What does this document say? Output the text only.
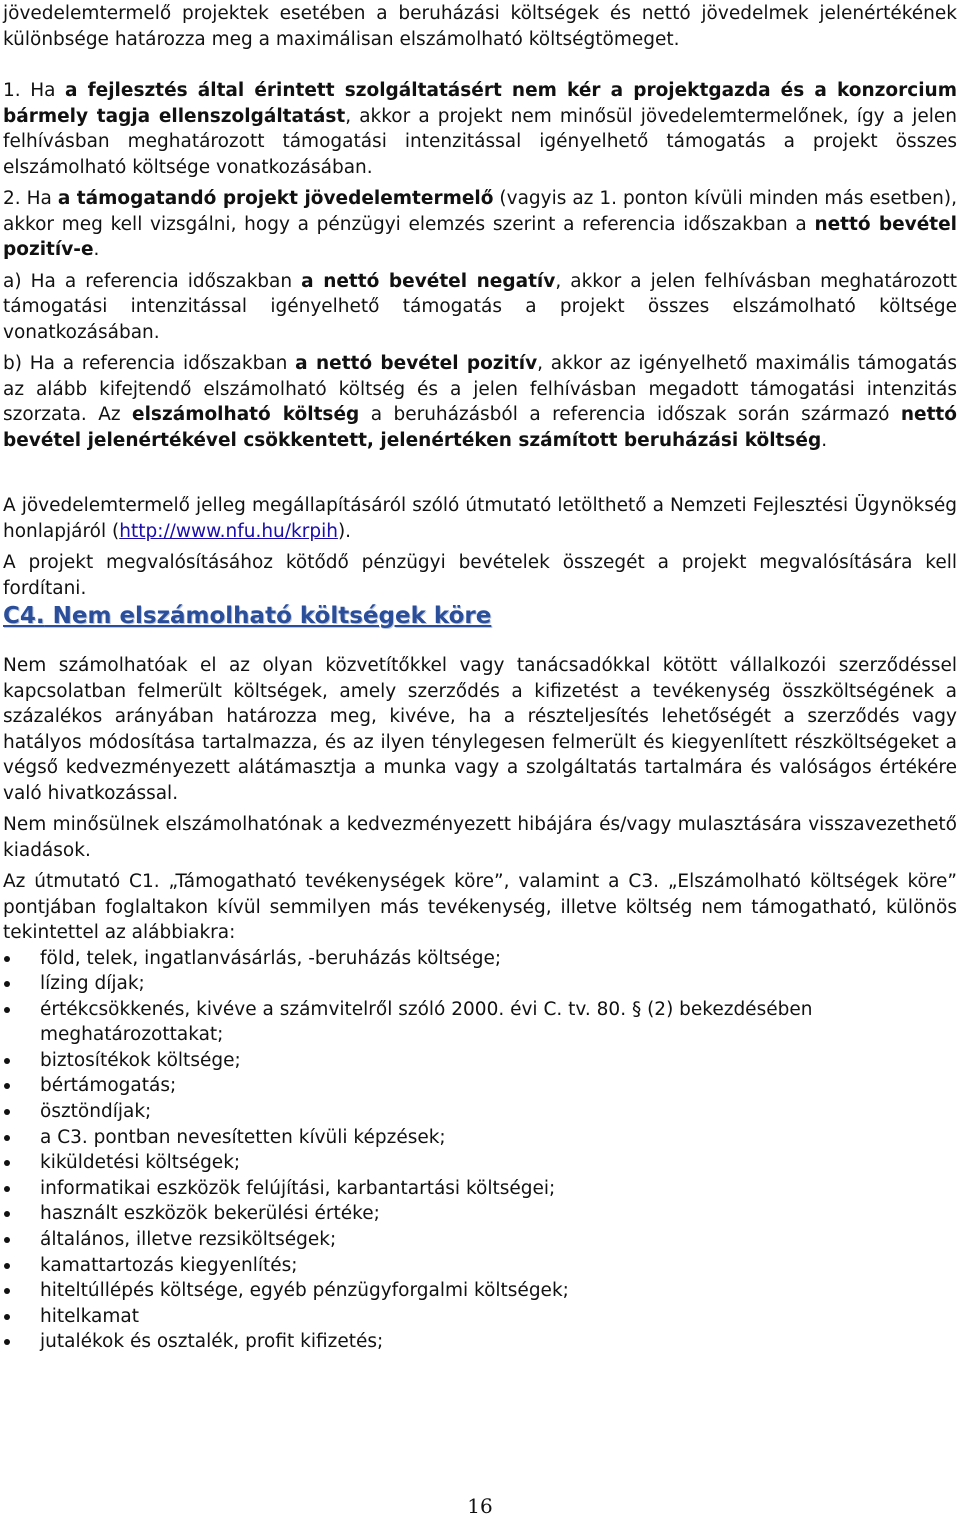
jövedelemtermelő projektek esetében a beruházási költségek és nettó jövedelmek jelenértékének különbsége határozza meg a maximálisan elszámolható költségtömeget.

1. Ha a fejlesztés által érintett szolgáltatásért nem kér a projektgazda és a konzorcium bármely tagja ellenszolgáltatást, akkor a projekt nem minősül jövedelemtermelőnek, így a jelen felhívásban meghatározott támogatási intenzitással igényelhető támogatás a projekt összes elszámolható költsége vonatkozásában.

2. Ha a támogatandó projekt jövedelemtermelő (vagyis az 1. ponton kívüli minden más esetben), akkor meg kell vizsgálni, hogy a pénzügyi elemzés szerint a referencia időszakban a nettó bevétel pozitív-e.

a) Ha a referencia időszakban a nettó bevétel negatív, akkor a jelen felhívásban meghatározott támogatási intenzitással igényelhető támogatás a projekt összes elszámolható költsége vonatkozásában.

b) Ha a referencia időszakban a nettó bevétel pozitív, akkor az igényelhető maximális támogatás az alább kifejtendő elszámolható költség és a jelen felhívásban megadott támogatási intenzitás szorzata. Az elszámolható költség a beruházásból a referencia időszak során származó nettó bevétel jelenértékével csökkentett, jelenértéken számított beruházási költség.

A jövedelemtermelő jelleg megállapításáról szóló útmutató letölthető a Nemzeti Fejlesztési Ügynökség honlapjáról (http://www.nfu.hu/krpih).

A projekt megvalósításához kötődő pénzügyi bevételek összegét a projekt megvalósítására kell fordítani.

C4. Nem elszámolható költségek köre

Nem számolhatóak el az olyan közvetítőkkel vagy tanácsadókkal kötött vállalkozói szerződéssel kapcsolatban felmerült költségek, amely szerződés a kifizetést a tevékenység összköltségének a százalékos arányában határozza meg, kivéve, ha a részteljesítés lehetőségét a szerződés vagy hatályos módosítása tartalmazza, és az ilyen ténylegesen felmerült és kiegyenlített részköltségeket a végső kedvezményezett alátámasztja a munka vagy a szolgáltatás tartalmára és valóságos értékére való hivatkozással.

Nem minősülnek elszámolhatónak a kedvezményezett hibájára és/vagy mulasztására visszavezethető kiadások.

Az útmutató C1. „Támogatható tevékenységek köre”, valamint a C3. „Elszámolható költségek köre” pontjában foglaltakon kívül semmilyen más tevékenység, illetve költség nem támogatható, különös tekintettel az alábbiakra:

föld, telek, ingatlanvásárlás, -beruházás költsége;
lízing díjak;
értékcsökkenés, kivéve a számvitelről szóló 2000. évi C. tv. 80. § (2) bekezdésében meghatározottakat;
biztosítékok költsége;
bértámogatás;
ösztöndíjak;
a C3. pontban nevesítetten kívüli képzések;
kiküldetési költségek;
informatikai eszközök felújítási, karbantartási költségei;
használt eszközök bekerülési értéke;
általános, illetve rezsiköltségek;
kamattartozás kiegyenlítés;
hiteltúllépés költsége, egyéb pénzügyforgalmi költségek;
hitelkamat
jutalékok és osztalék, profit kifizetés;
16
